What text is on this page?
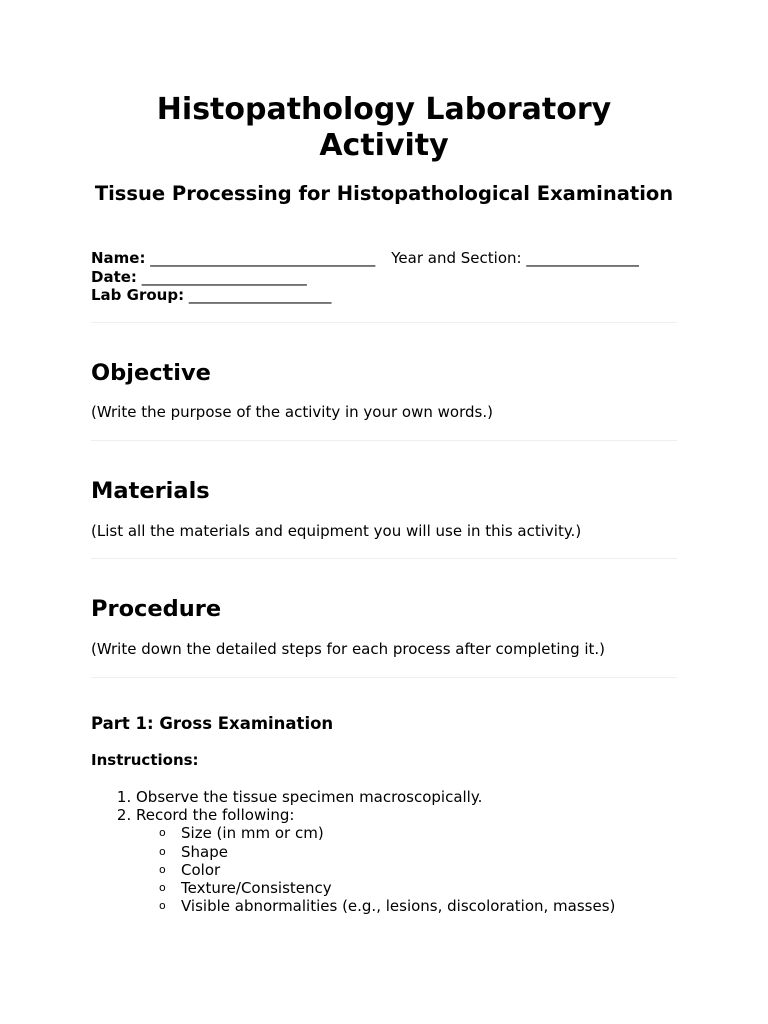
Histopathology Laboratory Activity
Tissue Processing for Histopathological Examination
Name: ______________________________ Year and Section: _______________
Date: ______________________
Lab Group: ___________________
Objective

(Write the purpose of the activity in your own words.)

Materials

(List all the materials and equipment you will use in this activity.)

Procedure

(Write down the detailed steps for each process after completing it.)

Part 1: Gross Examination

Instructions:

1. Observe the tissue specimen macroscopically.
2. Record the following:
o Size (in mm or cm)
o Shape
o Color
o Texture/Consistency
o Visible abnormalities (e.g., lesions, discoloration, masses)
